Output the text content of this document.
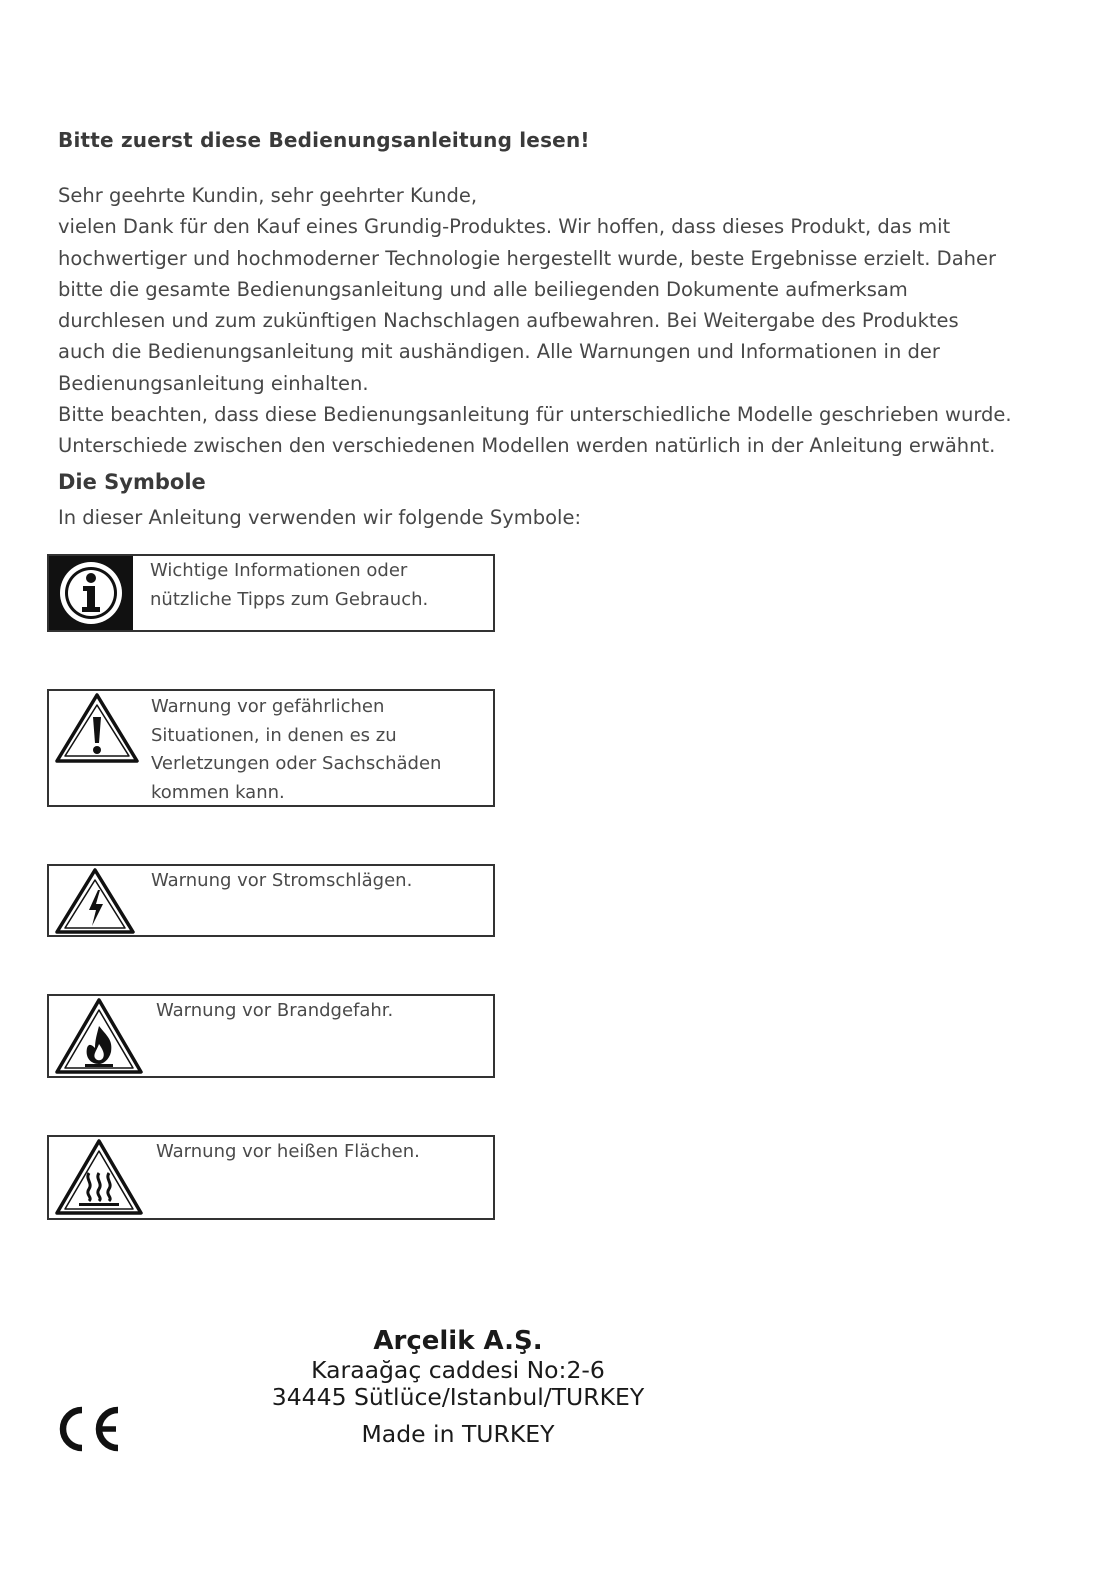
Bitte zuerst diese Bedienungsanleitung lesen!

Sehr geehrte Kundin, sehr geehrter Kunde,

vielen Dank für den Kauf eines Grundig-Produktes. Wir hoffen, dass dieses Produkt, das mit

hochwertiger und hochmoderner Technologie hergestellt wurde, beste Ergebnisse erzielt. Daher

bitte die gesamte Bedienungsanleitung und alle beiliegenden Dokumente aufmerksam

durchlesen und zum zukünftigen Nachschlagen aufbewahren. Bei Weitergabe des Produktes

auch die Bedienungsanleitung mit aushändigen. Alle Warnungen und Informationen in der

Bedienungsanleitung einhalten.

Bitte beachten, dass diese Bedienungsanleitung für unterschiedliche Modelle geschrieben wurde.

Unterschiede zwischen den verschiedenen Modellen werden natürlich in der Anleitung erwähnt.

Die Symbole

In dieser Anleitung verwenden wir folgende Symbole:

Wichtige Informationen oder
nützliche Tipps zum Gebrauch.

Warnung vor gefährlichen
Situationen, in denen es zu
Verletzungen oder Sachschäden
kommen kann.

Warnung vor Stromschlägen.

Warnung vor Brandgefahr.

Warnung vor heißen Flächen.

Arçelik A.Ş.
Karaağaç caddesi No:2-6
34445 Sütlüce/Istanbul/TURKEY
Made in TURKEY
